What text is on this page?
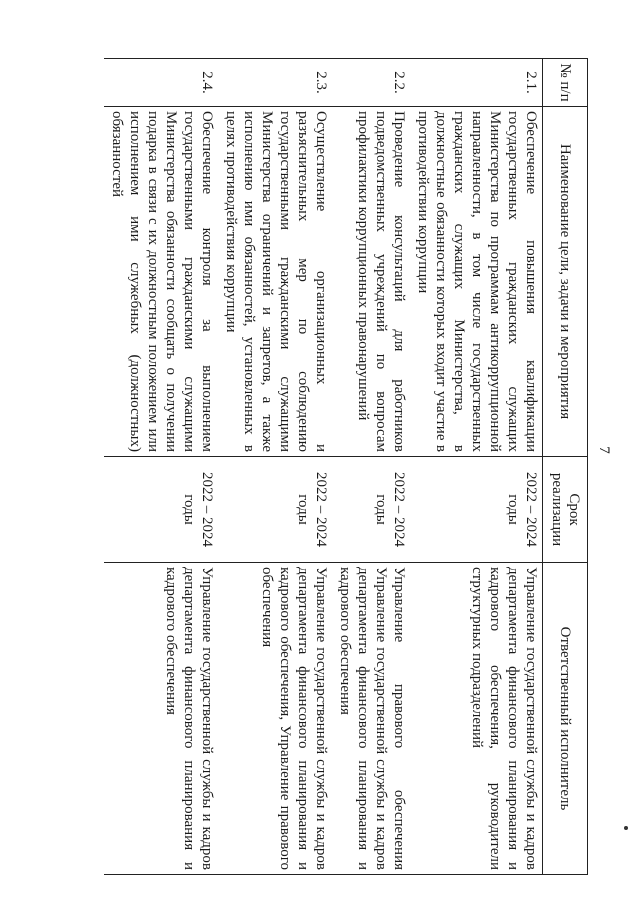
7
№ п/п	Наименование цели, задачи и мероприятия	Срок реализации	Ответственный исполнитель
2.1.	Обеспечение повышения квалификации государственных гражданских служащих Министерства по программам антикоррупционной направленности, в том числе государственных гражданских служащих Министерства, в должностные обязанности которых входит участие в противодействии коррупции	2022 – 2024 годы	Управление государственной службы и кадров департамента финансового планирования и кадрового обеспечения, руководители структурных подразделений
2.2.	Проведение консультаций для работников подведомственных учреждений по вопросам профилактики коррупционных правонарушений	2022 – 2024 годы	Управление правового обеспечения Управление государственной службы и кадров департамента финансового планирования и кадрового обеспечения
2.3.	Осуществление организационных и разъяснительных мер по соблюдению государственными гражданскими служащими Министерства ограничений и запретов, а также исполнению ими обязанностей, установленных в целях противодействия коррупции	2022 – 2024 годы	Управление государственной службы и кадров департамента финансового планирования и кадрового обеспечения, Управление правового обеспечения
2.4.	Обеспечение контроля за выполнением государственными гражданскими служащими Министерства обязанности сообщать о получении подарка в связи с их должностным положением или исполнением ими служебных (должностных) обязанностей	2022 – 2024 годы	Управление государственной службы и кадров департамента финансового планирования и кадрового обеспечения
